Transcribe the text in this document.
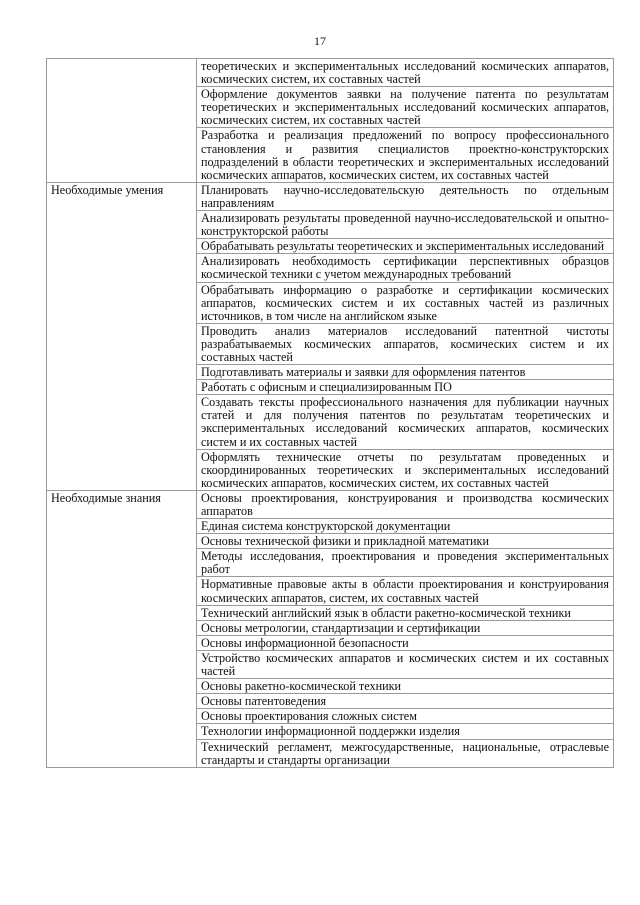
17
	теоретических и экспериментальных исследований космических аппаратов, космических систем, их составных частей
	Оформление документов заявки на получение патента по результатам теоретических и экспериментальных исследований космических аппаратов, космических систем, их составных частей
	Разработка и реализация предложений по вопросу профессионального становления и развития специалистов проектно-конструкторских подразделений в области теоретических и экспериментальных исследований космических аппаратов, космических систем, их составных частей
Необходимые умения	Планировать научно-исследовательскую деятельность по отдельным направлениям
	Анализировать результаты проведенной научно-исследовательской и опытно-конструкторской работы
	Обрабатывать результаты теоретических и экспериментальных исследований
	Анализировать необходимость сертификации перспективных образцов космической техники с учетом международных требований
	Обрабатывать информацию о разработке и сертификации космических аппаратов, космических систем и их составных частей из различных источников, в том числе на английском языке
	Проводить анализ материалов исследований патентной чистоты разрабатываемых космических аппаратов, космических систем и их составных частей
	Подготавливать материалы и заявки для оформления патентов
	Работать с офисным и специализированным ПО
	Создавать тексты профессионального назначения для публикации научных статей и для получения патентов по результатам теоретических и экспериментальных исследований космических аппаратов, космических систем и их составных частей
	Оформлять технические отчеты по результатам проведенных и скоординированных теоретических и экспериментальных исследований космических аппаратов, космических систем, их составных частей
Необходимые знания	Основы проектирования, конструирования и производства космических аппаратов
	Единая система конструкторской документации
	Основы технической физики и прикладной математики
	Методы исследования, проектирования и проведения экспериментальных работ
	Нормативные правовые акты в области проектирования и конструирования космических аппаратов, систем, их составных частей
	Технический английский язык в области ракетно-космической техники
	Основы метрологии, стандартизации и сертификации
	Основы информационной безопасности
	Устройство космических аппаратов и космических систем и их составных частей
	Основы ракетно-космической техники
	Основы патентоведения
	Основы проектирования сложных систем
	Технологии информационной поддержки изделия
	Технический регламент, межгосударственные, национальные, отраслевые стандарты и стандарты организации
